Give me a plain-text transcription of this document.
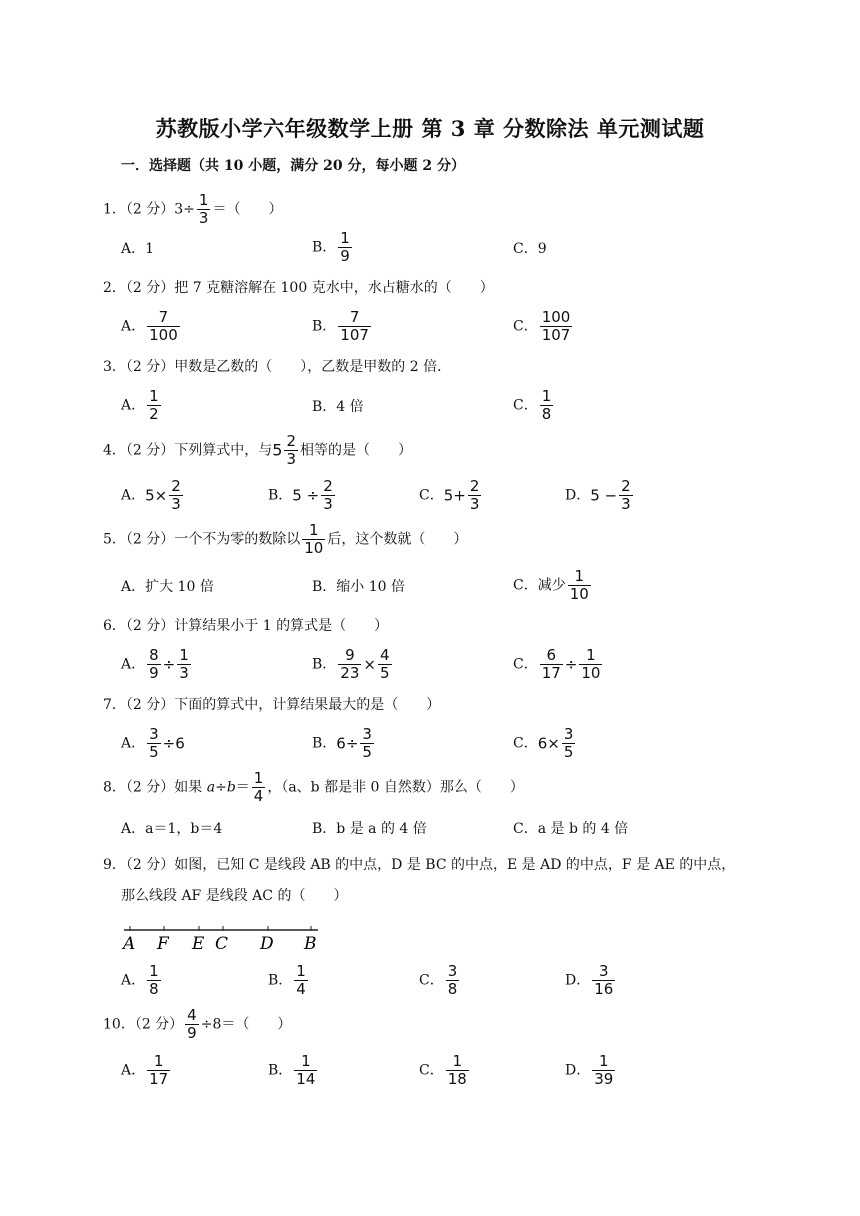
苏教版小学六年级数学上册 第 3 章 分数除法 单元测试题
一．选择题（共 10 小题，满分 20 分，每小题 2 分）
1．（2 分）$3\div \frac{1}{3}$ ＝（　　）
A．1	B． $\frac{1}{9}$	C．9
2．（2 分）把 7 克糖溶解在 100 克水中，水占糖水的（　　）
A． $\frac{7}{100}$	B． $\frac{7}{107}$	C． $\frac{100}{107}$
3．（2 分）甲数是乙数的（　　），乙数是甲数的 2 倍．
A． $\frac{1}{2}$	B．4 倍	C． $\frac{1}{8}$
4．（2 分）下列算式中，与$5 \frac{2}{3}$ 相等的是（　　）
A．$5\times \frac{2}{3}$	B．$5 \div \frac{2}{3}$	C．$5+ \frac{2}{3}$	D．$5 - \frac{2}{3}$
5．（2 分）一个不为零的数除以 $\frac{1}{10}$ 后，这个数就（　　）
A．扩大 10 倍	B．缩小 10 倍	C．减少 $\frac{1}{10}$
6．（2 分）计算结果小于 1 的算式是（　　）
A． $\frac{8}{9} \div \frac{1}{3}$	B． $\frac{9}{23} \times \frac{4}{5}$	C． $\frac{6}{17} \div \frac{1}{10}$
7．（2 分）下面的算式中，计算结果最大的是（　　）
A． $\frac{3}{5} \div 6$	B．$6\div \frac{3}{5}$	C．$6\times \frac{3}{5}$
8．（2 分）如果 $a\div b= \frac{1}{4}$ ，（a、b 都是非 0 自然数）那么（　　）
A．a＝1，b＝4	B．b 是 a 的 4 倍	C．a 是 b 的 4 倍
9．（2 分）如图，已知 C 是线段 AB 的中点，D 是 BC 的中点，E 是 AD 的中点，F 是 AE 的中点，
那么线段 AF 是线段 AC 的（　　）
A F E C D B
A． $\frac{1}{8}$	B． $\frac{1}{4}$	C． $\frac{3}{8}$	D． $\frac{3}{16}$
10．（2 分） $\frac{4}{9} \div 8=$（　　）
A． $\frac{1}{17}$	B． $\frac{1}{14}$	C． $\frac{1}{18}$	D． $\frac{1}{39}$
